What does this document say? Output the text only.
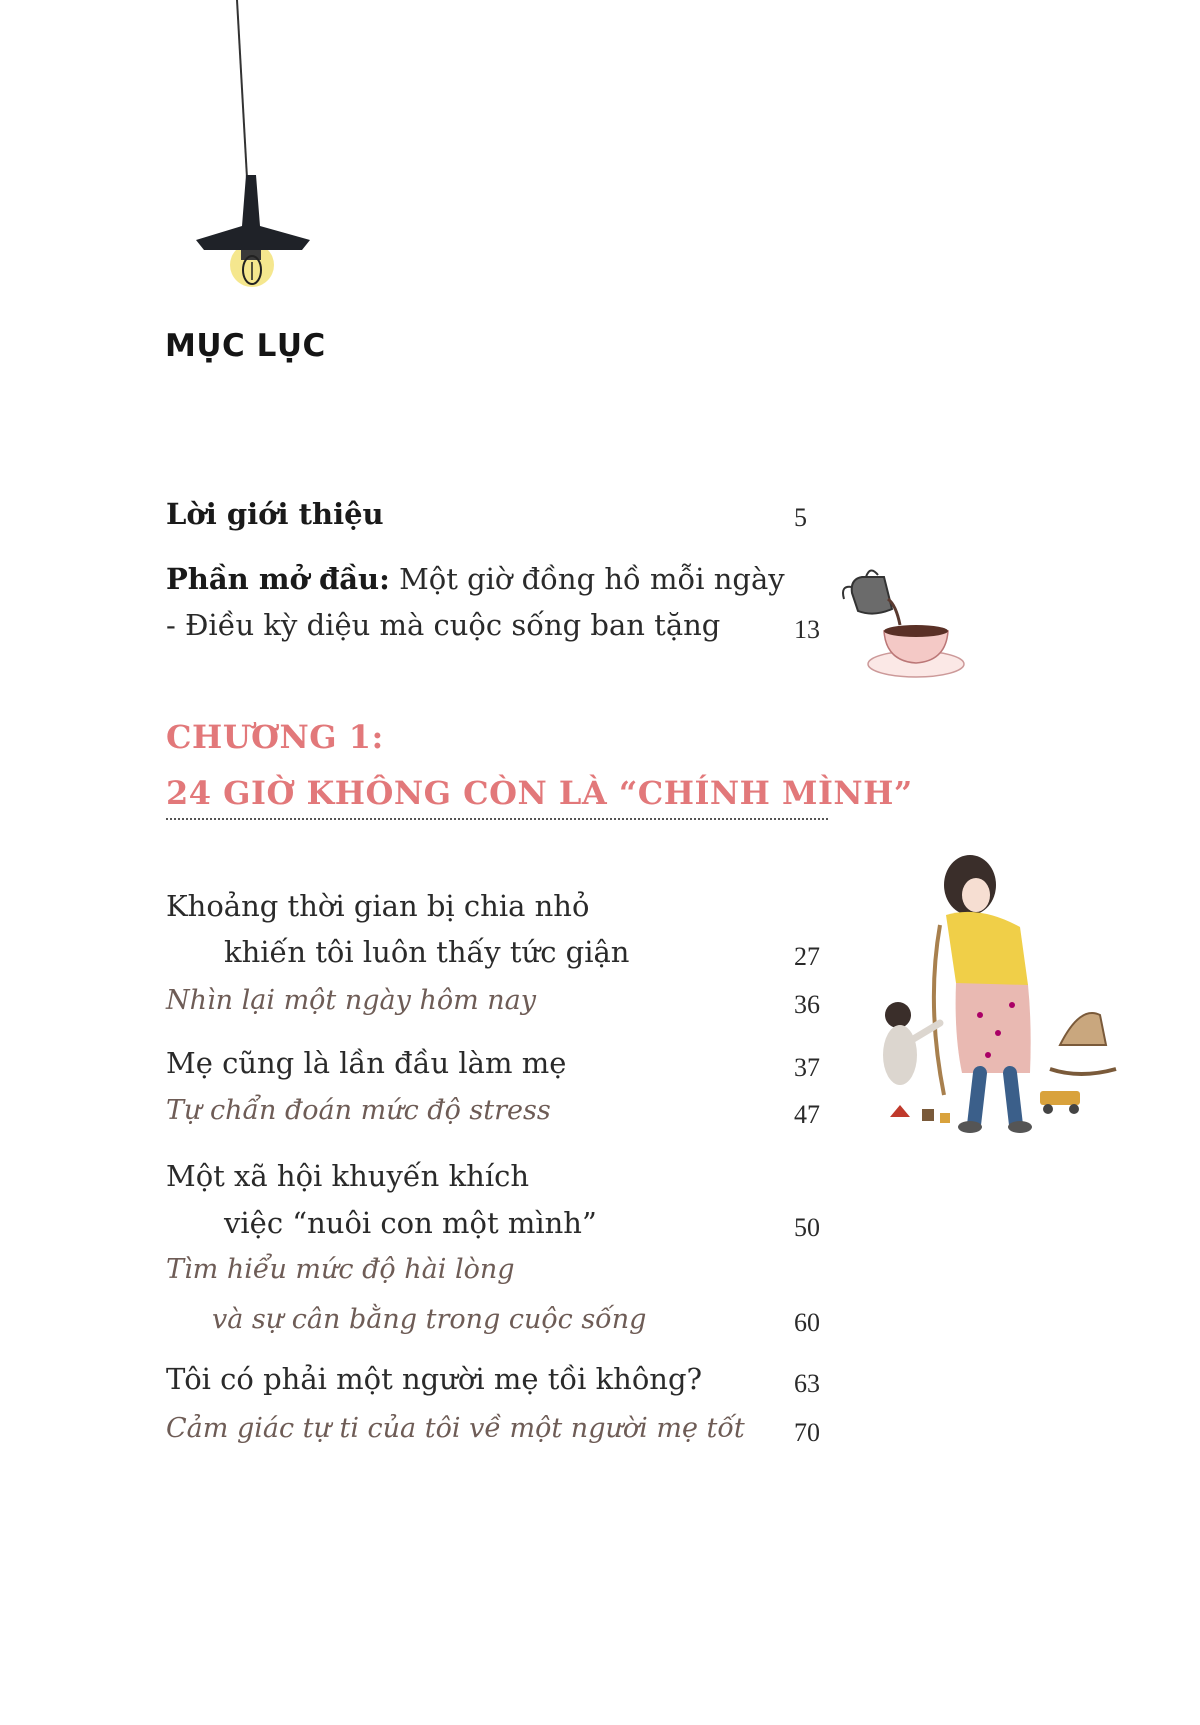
MỤC LỤC
Lời giới thiệu	5
Phần mở đầu: Một giờ đồng hồ mỗi ngày
- Điều kỳ diệu mà cuộc sống ban tặng	13
CHƯƠNG 1:
24 GIỜ KHÔNG CÒN LÀ “CHÍNH MÌNH”
Khoảng thời gian bị chia nhỏ
khiến tôi luôn thấy tức giận	27
Nhìn lại một ngày hôm nay	36
Mẹ cũng là lần đầu làm mẹ	37
Tự chẩn đoán mức độ stress	47
Một xã hội khuyến khích
việc “nuôi con một mình”	50
Tìm hiểu mức độ hài lòng
và sự cân bằng trong cuộc sống	60
Tôi có phải một người mẹ tồi không?	63
Cảm giác tự ti của tôi về một người mẹ tốt 70
